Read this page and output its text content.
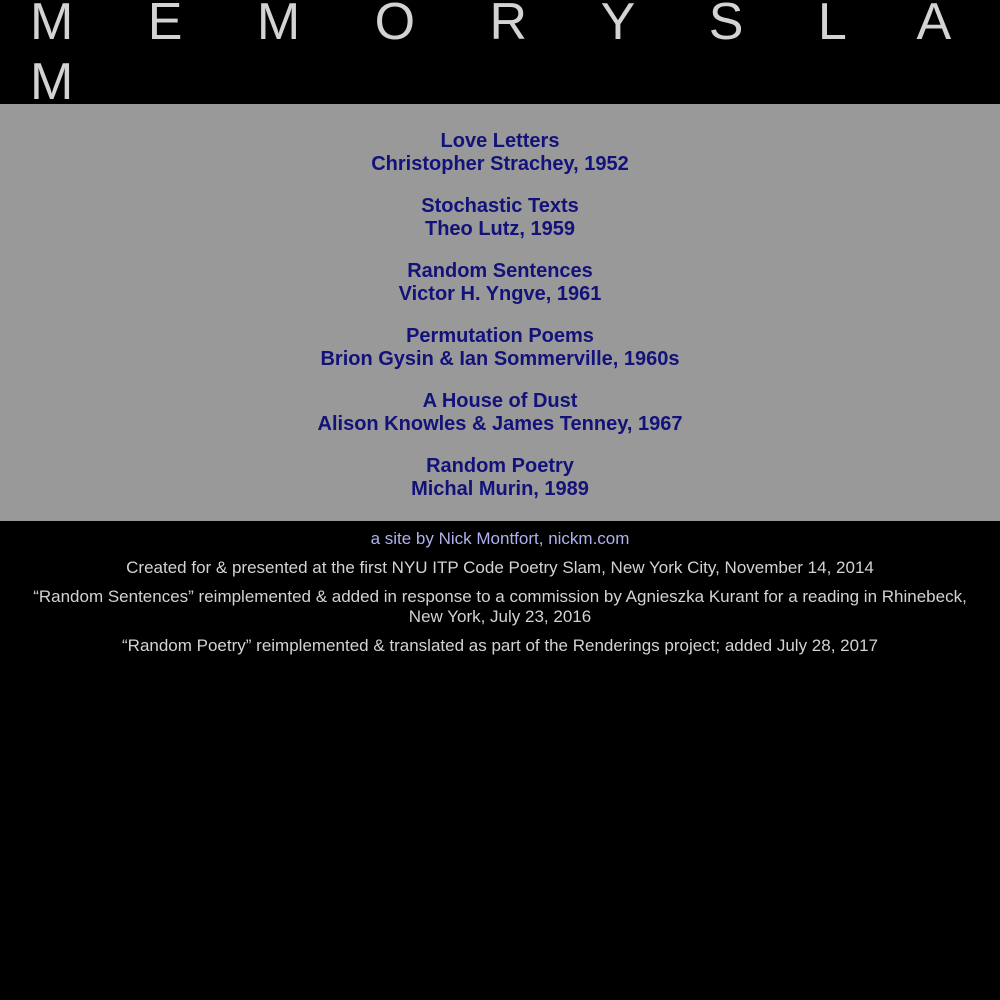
M E M O R Y S L A M
Love Letters
Christopher Strachey, 1952
Stochastic Texts
Theo Lutz, 1959
Random Sentences
Victor H. Yngve, 1961
Permutation Poems
Brion Gysin & Ian Sommerville, 1960s
A House of Dust
Alison Knowles & James Tenney, 1967
Random Poetry
Michal Murin, 1989

a site by Nick Montfort, nickm.com

Created for & presented at the first NYU ITP Code Poetry Slam, New York City, November 14, 2014

“Random Sentences” reimplemented & added in response to a commission by Agnieszka Kurant for a reading in Rhinebeck, New York, July 23, 2016

“Random Poetry” reimplemented & translated as part of the Renderings project; added July 28, 2017
